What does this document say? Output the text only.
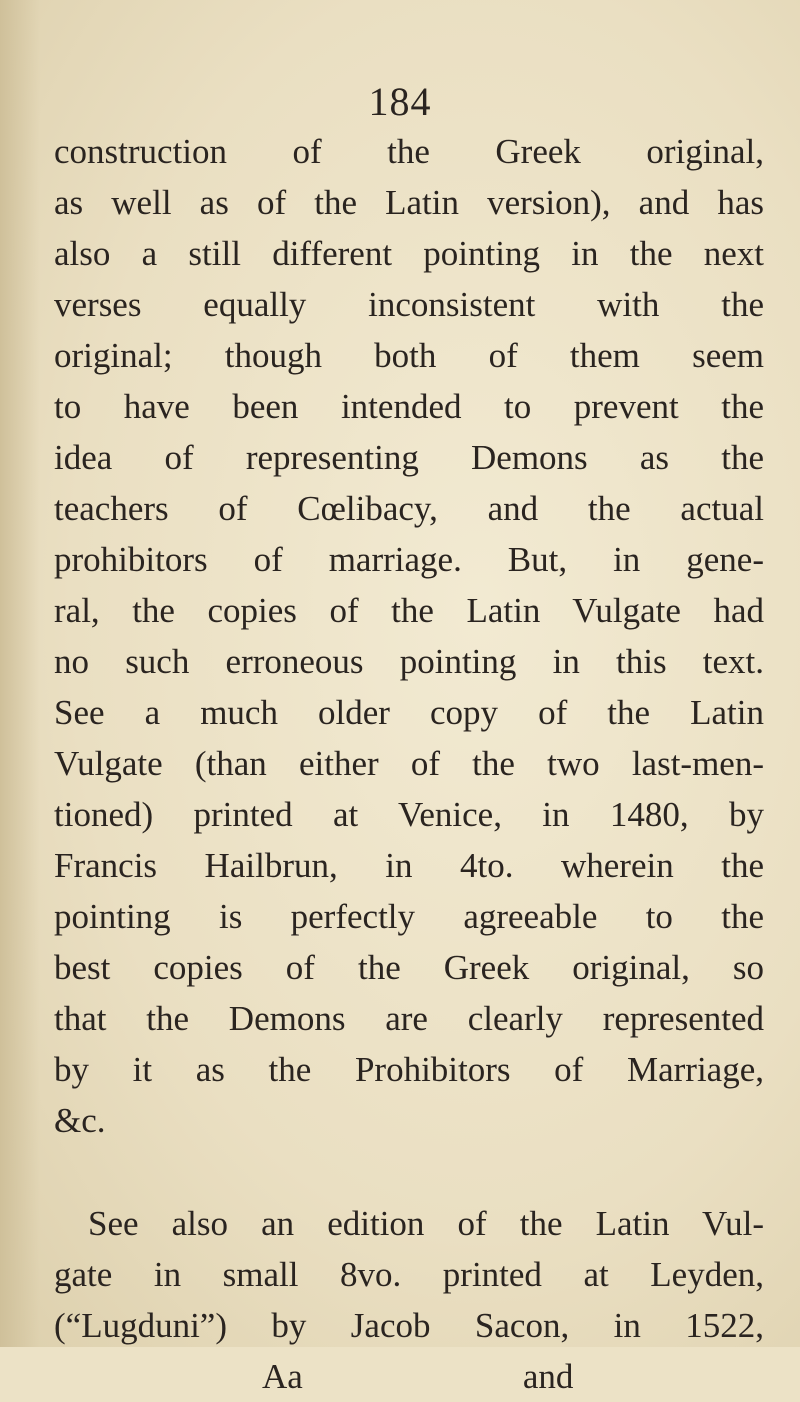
184
construction of the Greek original,
as well as of the Latin version), and has
also a still different pointing in the next
verses equally inconsistent with the
original; though both of them seem
to have been intended to prevent the
idea of representing Demons as the
teachers of Cœlibacy, and the actual
prohibitors of marriage. But, in gene-
ral, the copies of the Latin Vulgate had
no such erroneous pointing in this text.
See a much older copy of the Latin
Vulgate (than either of the two last-men-
tioned) printed at Venice, in 1480, by
Francis Hailbrun, in 4to. wherein the
pointing is perfectly agreeable to the
best copies of the Greek original, so
that the Demons are clearly represented
by it as the Prohibitors of Marriage,
&c.
See also an edition of the Latin Vul-
gate in small 8vo. printed at Leyden,
(“Lugduni”) by Jacob Sacon, in 1522,
Aa	and
